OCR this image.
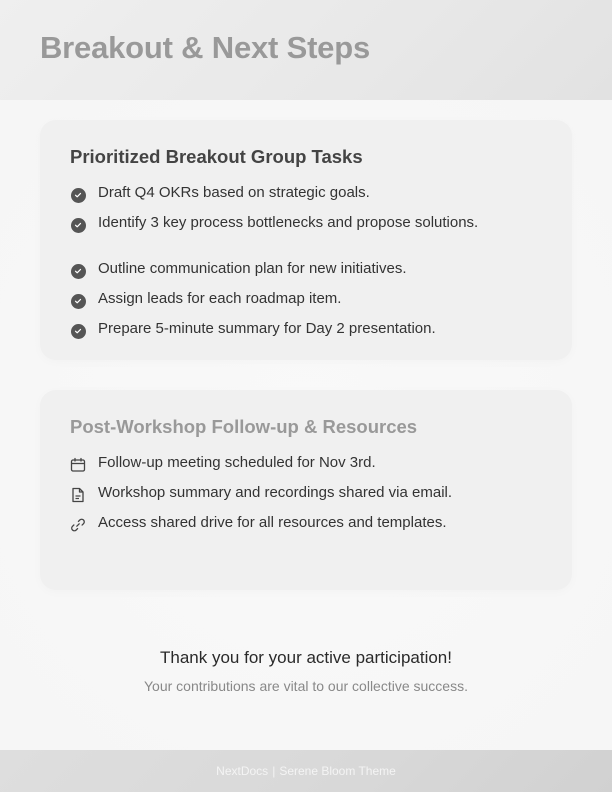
Breakout & Next Steps
Prioritized Breakout Group Tasks
Draft Q4 OKRs based on strategic goals.
Identify 3 key process bottlenecks and propose solutions.
Outline communication plan for new initiatives.
Assign leads for each roadmap item.
Prepare 5-minute summary for Day 2 presentation.
Post-Workshop Follow-up & Resources
Follow-up meeting scheduled for Nov 3rd.
Workshop summary and recordings shared via email.
Access shared drive for all resources and templates.

Thank you for your active participation!

Your contributions are vital to our collective success.

NextDocs | Serene Bloom Theme
